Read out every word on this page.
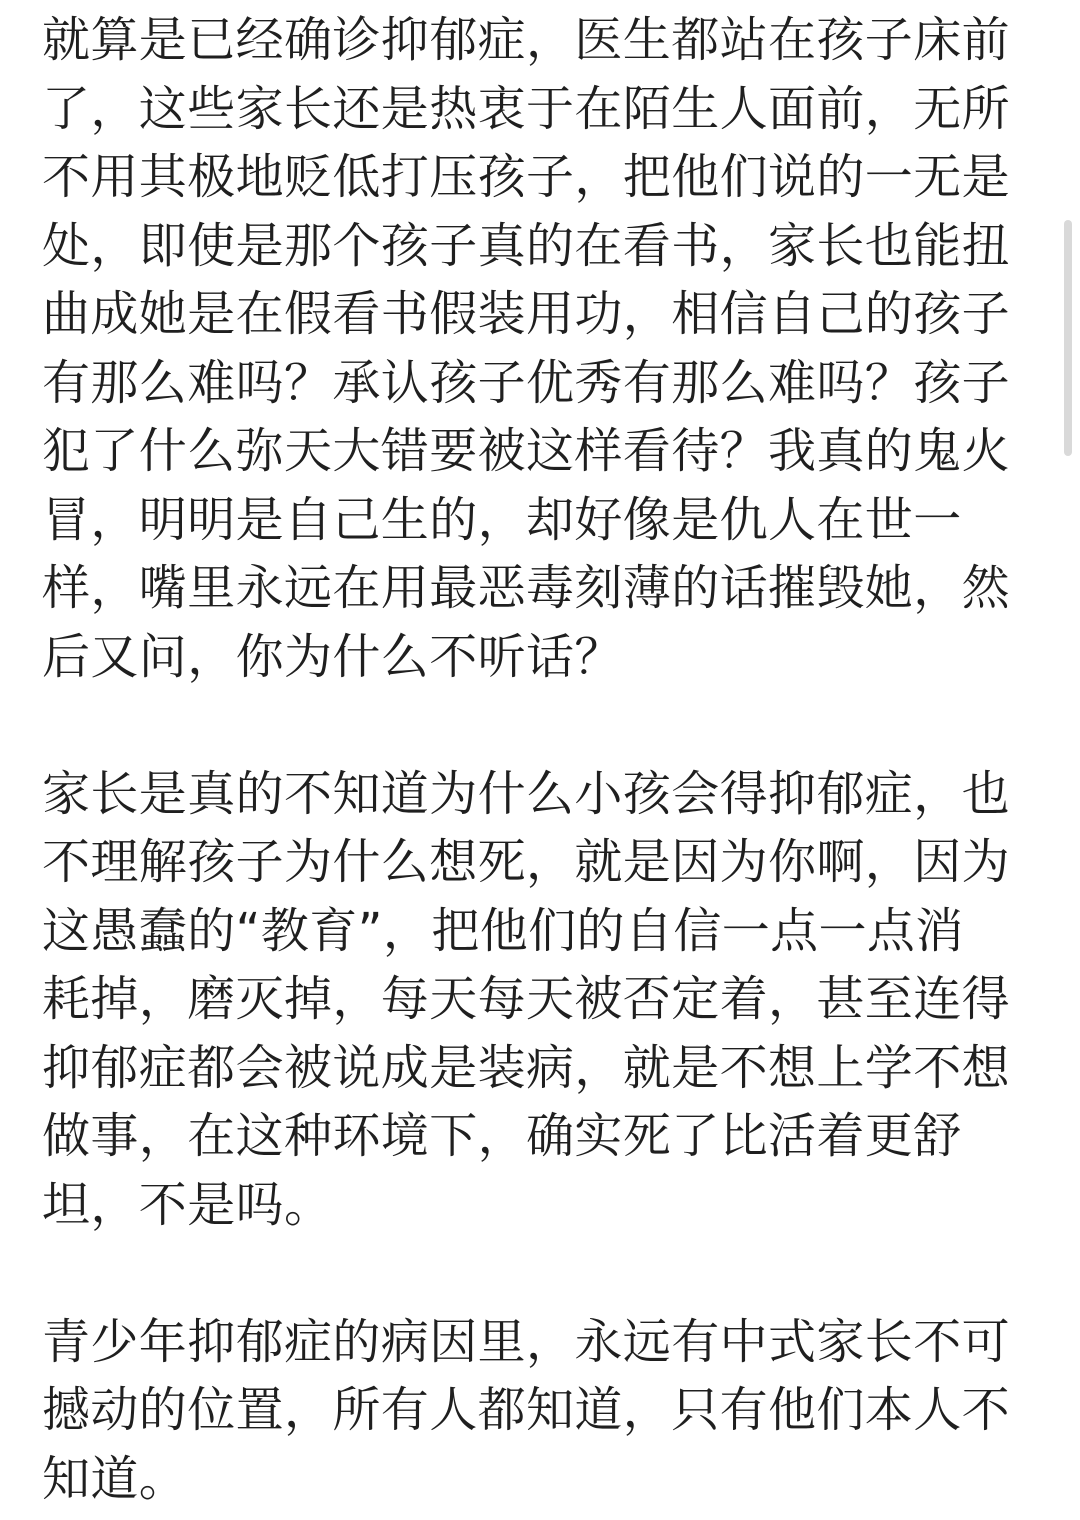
就算是已经确诊抑郁症，医生都站在孩子床前
了，这些家长还是热衷于在陌生人面前，无所
不用其极地贬低打压孩子，把他们说的一无是
处，即使是那个孩子真的在看书，家长也能扭
曲成她是在假看书假装用功，相信自己的孩子
有那么难吗？承认孩子优秀有那么难吗？孩子
犯了什么弥天大错要被这样看待？我真的鬼火
冒，明明是自己生的，却好像是仇人在世一
样，嘴里永远在用最恶毒刻薄的话摧毁她，然
后又问，你为什么不听话？

家长是真的不知道为什么小孩会得抑郁症，也
不理解孩子为什么想死，就是因为你啊，因为
这愚蠢的“教育”，把他们的自信一点一点消
耗掉，磨灭掉，每天每天被否定着，甚至连得
抑郁症都会被说成是装病，就是不想上学不想
做事，在这种环境下，确实死了比活着更舒
坦，不是吗。

青少年抑郁症的病因里，永远有中式家长不可
撼动的位置，所有人都知道，只有他们本人不
知道。
